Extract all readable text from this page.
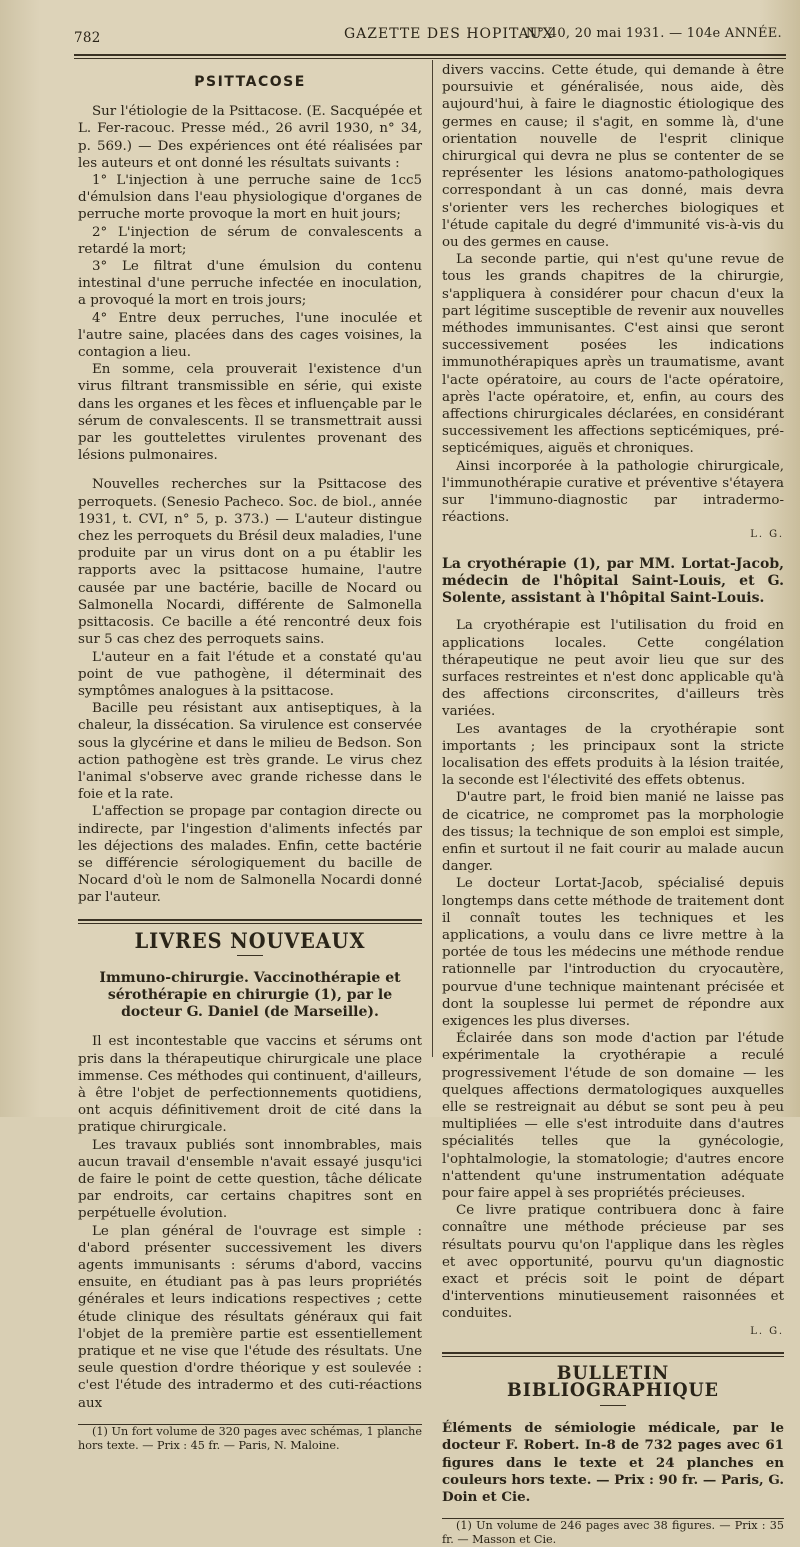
782	GAZETTE DES HOPITAUX
N° 40, 20 mai 1931. — 104e ANNÉE.
PSITTACOSE

Sur l'étiologie de la Psittacose. (E. Sacquépée et L. Fer-racouc. Presse méd., 26 avril 1930, n° 34, p. 569.) — Des expériences ont été réalisées par les auteurs et ont donné les résultats suivants :

1° L'injection à une perruche saine de 1cc5 d'émulsion dans l'eau physiologique d'organes de perruche morte provoque la mort en huit jours;

2° L'injection de sérum de convalescents a retardé la mort;

3° Le filtrat d'une émulsion du contenu intestinal d'une perruche infectée en inoculation, a provoqué la mort en trois jours;

4° Entre deux perruches, l'une inoculée et l'autre saine, placées dans des cages voisines, la contagion a lieu.

En somme, cela prouverait l'existence d'un virus filtrant transmissible en série, qui existe dans les organes et les fèces et influençable par le sérum de convalescents. Il se transmettrait aussi par les gouttelettes virulentes provenant des lésions pulmonaires.

Nouvelles recherches sur la Psittacose des perroquets. (Senesio Pacheco. Soc. de biol., année 1931, t. CVI, n° 5, p. 373.) — L'auteur distingue chez les perroquets du Brésil deux maladies, l'une produite par un virus dont on a pu établir les rapports avec la psittacose humaine, l'autre causée par une bactérie, bacille de Nocard ou Salmonella Nocardi, différente de Salmonella psittacosis. Ce bacille a été rencontré deux fois sur 5 cas chez des perroquets sains.

L'auteur en a fait l'étude et a constaté qu'au point de vue pathogène, il déterminait des symptômes analogues à la psittacose.

Bacille peu résistant aux antiseptiques, à la chaleur, la dissécation. Sa virulence est conservée sous la glycérine et dans le milieu de Bedson. Son action pathogène est très grande. Le virus chez l'animal s'observe avec grande richesse dans le foie et la rate.

L'affection se propage par contagion directe ou indirecte, par l'ingestion d'aliments infectés par les déjections des malades. Enfin, cette bactérie se différencie sérologiquement du bacille de Nocard d'où le nom de Salmonella Nocardi donné par l'auteur.

LIVRES NOUVEAUX

Immuno-chirurgie. Vaccinothérapie et sérothérapie en chirurgie (1), par le docteur G. Daniel (de Marseille).

Il est incontestable que vaccins et sérums ont pris dans la thérapeutique chirurgicale une place immense. Ces méthodes qui continuent, d'ailleurs, à être l'objet de perfectionnements quotidiens, ont acquis définitivement droit de cité dans la pratique chirurgicale.

Les travaux publiés sont innombrables, mais aucun travail d'ensemble n'avait essayé jusqu'ici de faire le point de cette question, tâche délicate par endroits, car certains chapitres sont en perpétuelle évolution.

Le plan général de l'ouvrage est simple : d'abord présenter successivement les divers agents immunisants : sérums d'abord, vaccins ensuite, en étudiant pas à pas leurs propriétés générales et leurs indications respectives ; cette étude clinique des résultats généraux qui fait l'objet de la première partie est essentiellement pratique et ne vise que l'étude des résultats. Une seule question d'ordre théorique y est soulevée : c'est l'étude des intradermo et des cuti-réactions aux

(1) Un fort volume de 320 pages avec schémas, 1 planche hors texte. — Prix : 45 fr. — Paris, N. Maloine.

divers vaccins. Cette étude, qui demande à être poursuivie et généralisée, nous aide, dès aujourd'hui, à faire le diagnostic étiologique des germes en cause; il s'agit, en somme là, d'une orientation nouvelle de l'esprit clinique chirurgical qui devra ne plus se contenter de se représenter les lésions anatomo-pathologiques correspondant à un cas donné, mais devra s'orienter vers les recherches biologiques et l'étude capitale du degré d'immunité vis-à-vis du ou des germes en cause.

La seconde partie, qui n'est qu'une revue de tous les grands chapitres de la chirurgie, s'appliquera à considérer pour chacun d'eux la part légitime susceptible de revenir aux nouvelles méthodes immunisantes. C'est ainsi que seront successivement posées les indications immunothérapiques après un traumatisme, avant l'acte opératoire, au cours de l'acte opératoire, après l'acte opératoire, et, enfin, au cours des affections chirurgicales déclarées, en considérant successivement les affections septicémiques, pré-septicémiques, aiguës et chroniques.

Ainsi incorporée à la pathologie chirurgicale, l'immunothérapie curative et préventive s'étayera sur l'immuno-diagnostic par intradermo-réactions.

L. G.

La cryothérapie (1), par MM. Lortat-Jacob, médecin de l'hôpital Saint-Louis, et G. Solente, assistant à l'hôpital Saint-Louis.

La cryothérapie est l'utilisation du froid en applications locales. Cette congélation thérapeutique ne peut avoir lieu que sur des surfaces restreintes et n'est donc applicable qu'à des affections circonscrites, d'ailleurs très variées.

Les avantages de la cryothérapie sont importants ; les principaux sont la stricte localisation des effets produits à la lésion traitée, la seconde est l'électivité des effets obtenus.

D'autre part, le froid bien manié ne laisse pas de cicatrice, ne compromet pas la morphologie des tissus; la technique de son emploi est simple, enfin et surtout il ne fait courir au malade aucun danger.

Le docteur Lortat-Jacob, spécialisé depuis longtemps dans cette méthode de traitement dont il connaît toutes les techniques et les applications, a voulu dans ce livre mettre à la portée de tous les médecins une méthode rendue rationnelle par l'introduction du cryocautère, pourvue d'une technique maintenant précisée et dont la souplesse lui permet de répondre aux exigences les plus diverses.

Éclairée dans son mode d'action par l'étude expérimentale la cryothérapie a reculé progressivement l'étude de son domaine — les quelques affections dermatologiques auxquelles elle se restreignait au début se sont peu à peu multipliées — elle s'est introduite dans d'autres spécialités telles que la gynécologie, l'ophtalmologie, la stomatologie; d'autres encore n'attendent qu'une instrumentation adéquate pour faire appel à ses propriétés précieuses.

Ce livre pratique contribuera donc à faire connaître une méthode précieuse par ses résultats pourvu qu'on l'applique dans les règles et avec opportunité, pourvu qu'un diagnostic exact et précis soit le point de départ d'interventions minutieusement raisonnées et conduites.

L. G.
BULLETIN BIBLIOGRAPHIQUE

Éléments de sémiologie médicale, par le docteur F. Robert. In-8 de 732 pages avec 61 figures dans le texte et 24 planches en couleurs hors texte. — Prix : 90 fr. — Paris, G. Doin et Cie.

(1) Un volume de 246 pages avec 38 figures. — Prix : 35 fr. — Masson et Cie.
